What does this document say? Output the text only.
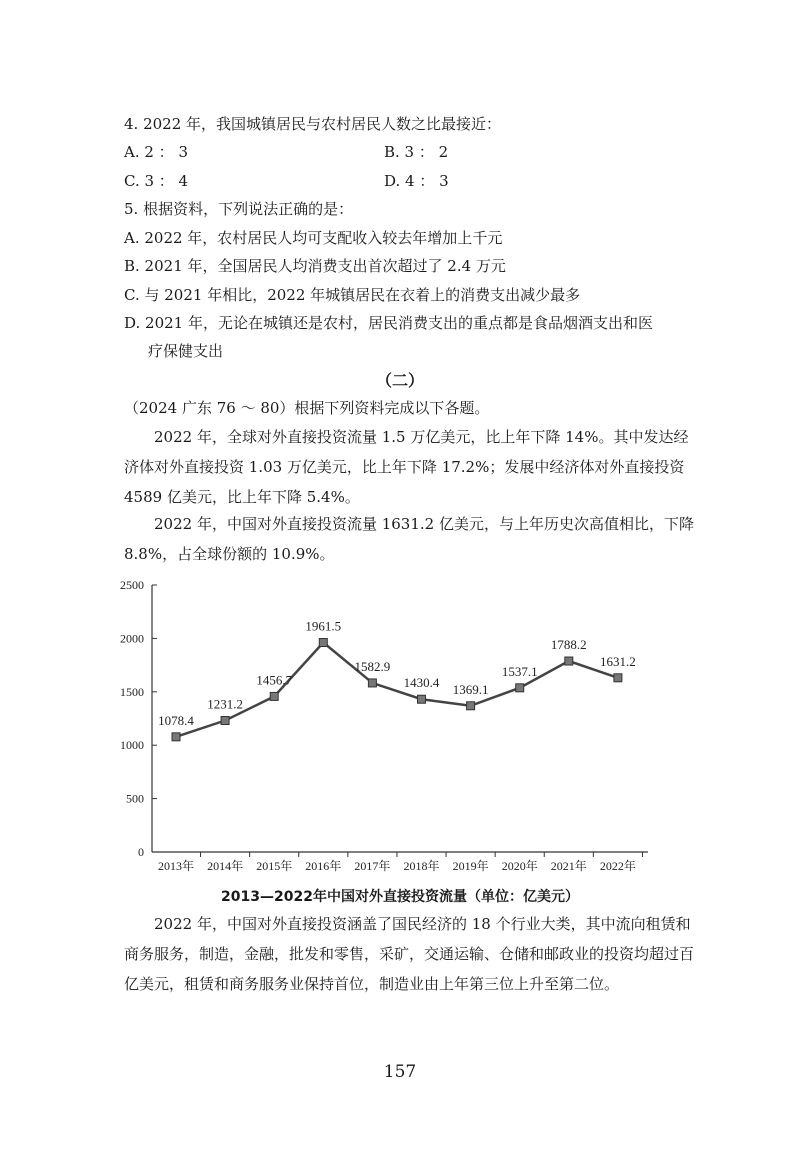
4. 2022 年，我国城镇居民与农村居民人数之比最接近：
A. 2 ： 3	B. 3 ： 2
C. 3 ： 4	D. 4 ： 3
5. 根据资料，下列说法正确的是：
A. 2022 年，农村居民人均可支配收入较去年增加上千元
B. 2021 年，全国居民人均消费支出首次超过了 2.4 万元
C. 与 2021 年相比，2022 年城镇居民在衣着上的消费支出减少最多
D. 2021 年，无论在城镇还是农村，居民消费支出的重点都是食品烟酒支出和医
疗保健支出
（二）
（2024 广东 76 ～ 80）根据下列资料完成以下各题。
2022 年，全球对外直接投资流量 1.5 万亿美元，比上年下降 14%。其中发达经济体对外直接投资 1.03 万亿美元，比上年下降 17.2%；发展中经济体对外直接投资 4589 亿美元，比上年下降 5.4%。
2022 年，中国对外直接投资流量 1631.2 亿美元，与上年历史次高值相比，下降 8.8%，占全球份额的 10.9%。
0
500
1000
1500
2000
2500
2013年 2014年 2015年 2016年 2017年 2018年 2019年 2020年 2021年 2022年
1078.4
1231.2
1456.7
1961.5
1582.9
1430.4 1369.1
1537.1
1788.2
1631.2
2013—2022年中国对外直接投资流量（单位：亿美元）
2022 年，中国对外直接投资涵盖了国民经济的 18 个行业大类，其中流向租赁和商务服务，制造，金融，批发和零售，采矿，交通运输、仓储和邮政业的投资均超过百亿美元，租赁和商务服务业保持首位，制造业由上年第三位上升至第二位。
157
